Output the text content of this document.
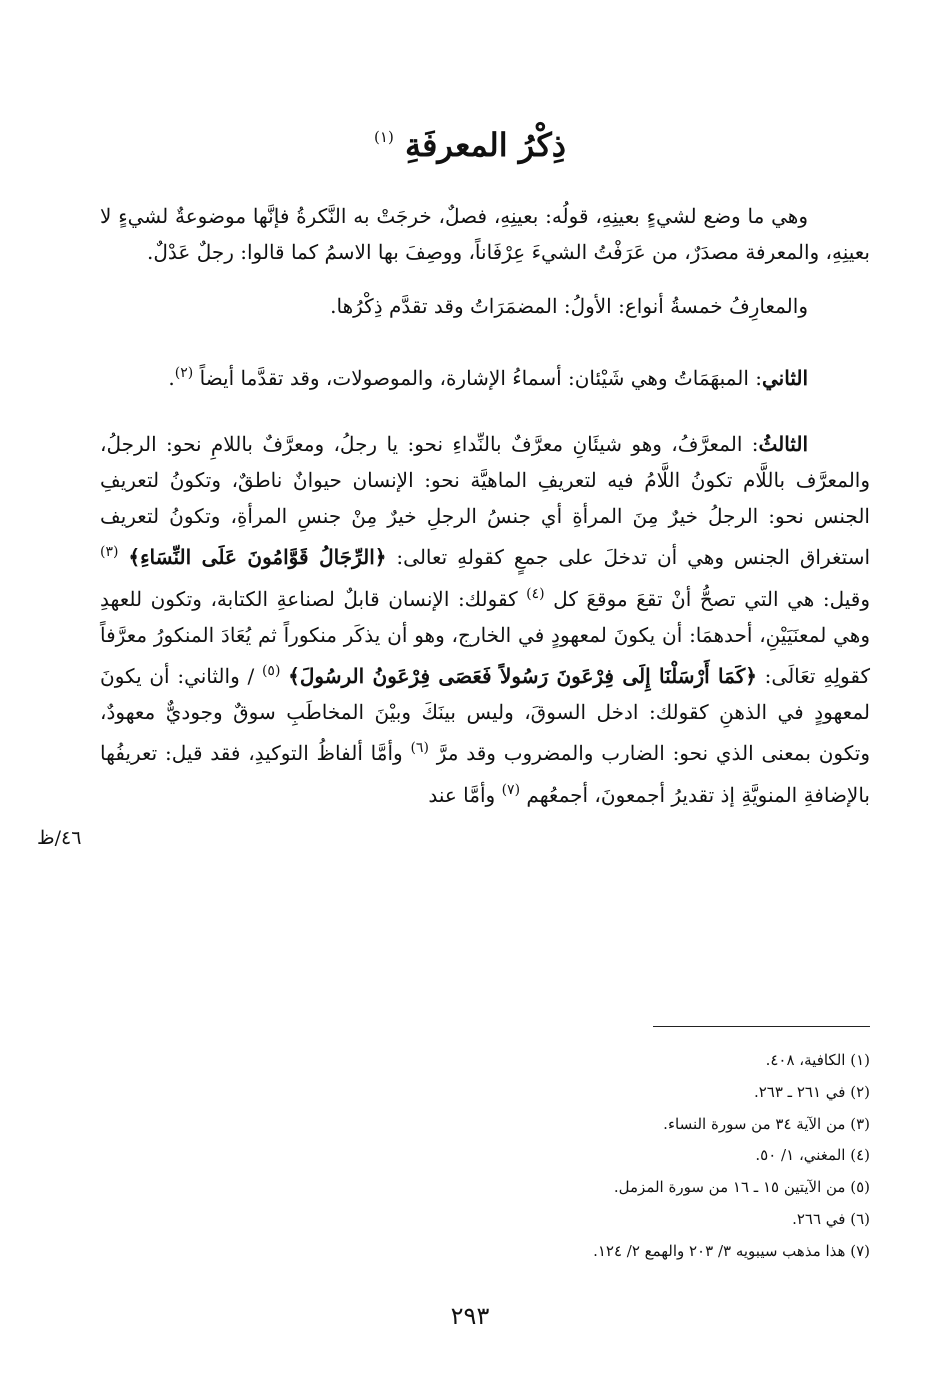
ذِكْرُ المعرفَةِ $^{(١)}$

وهي ما وضع لشيءٍ بعينِهِ، قولُه: بعينِهِ، فصلٌ، خرجَتْ به النَّكرةُ فإنَّها موضوعةٌ لشيءٍ لا بعينِهِ، والمعرفة مصدَرٌ، من عَرَفْتُ الشيءَ عِرْفَاناً، ووصِفَ بها الاسمُ كما قالوا: رجلٌ عَدْلٌ.

والمعارِفُ خمسةُ أنواع: الأولُ: المضمَرَاتُ وقد تقدَّم ذِكْرُها.

الثاني: المبهَمَاتُ وهي شَيْئان: أسماءُ الإشارة، والموصولات، وقد تقدَّما أيضاً $^{(٢)}$.

الثالثُ: المعرَّفُ، وهو شيئَانِ معرَّفٌ بالنِّداءِ نحو: يا رجلُ، ومعرَّفٌ باللامِ نحو: الرجلُ، والمعرَّف باللَّام تكونُ اللَّامُ فيه لتعريفِ الماهيَّة نحو: الإنسان حيوانٌ ناطقٌ، وتكونُ لتعريفِ الجنس نحو: الرجلُ خيرٌ مِنَ المرأةِ أي جنسُ الرجلِ خيرٌ مِنْ جنسِ المرأةِ، وتكونُ لتعريف استغراق الجنس وهي أن تدخلَ على جمعٍ كقولهِ تعالى: ﴿الرِّجَالُ قَوَّامُونَ عَلَى النِّسَاءِ﴾ $^{(٣)}$ وقيل: هي التي تصحُّ أنْ تقعَ موقعَ كل $^{(٤)}$ كقولك: الإنسان قابلٌ لصناعةِ الكتابة، وتكون للعهدِ وهي لمعنَيَيْنِ، أحدهمَا: أن يكونَ لمعهودٍ في الخارج، وهو أن يذكَر منكوراً ثم يُعَادَ المنكورُ معرَّفاً كقولِهِ تعَالَى: ﴿كَمَا أَرْسَلْنَا إِلَى فِرْعَونَ رَسُولاً فَعَصَى فِرْعَونُ الرسُولَ﴾ $^{(٥)}$ / والثاني: أن يكونَ لمعهودٍ في الذهنِ كقولك: ادخل السوقَ، وليس بينَكَ وبيْنَ المخاطَبِ سوقٌ وجوديٌّ معهودٌ، وتكون بمعنى الذي نحو: الضارب والمضروب وقد مرَّ $^{(٦)}$ وأمَّا ألفاظُ التوكيدِ، فقد قيل: تعريفُها بالإضافةِ المنويَّةِ إذ تقديرُ أجمعونَ، أجمعُهم $^{(٧)}$ وأمَّا عند

٤٦/ظ
(١) الكافية، ٤٠٨.
(٢) في ٢٦١ ـ ٢٦٣.
(٣) من الآية ٣٤ من سورة النساء.
(٤) المغني، ١/ ٥٠.
(٥) من الآيتين ١٥ ـ ١٦ من سورة المزمل.
(٦) في ٢٦٦.
(٧) هذا مذهب سيبويه ٣/ ٢٠٣ والهمع ٢/ ١٢٤.
٢٩٣
